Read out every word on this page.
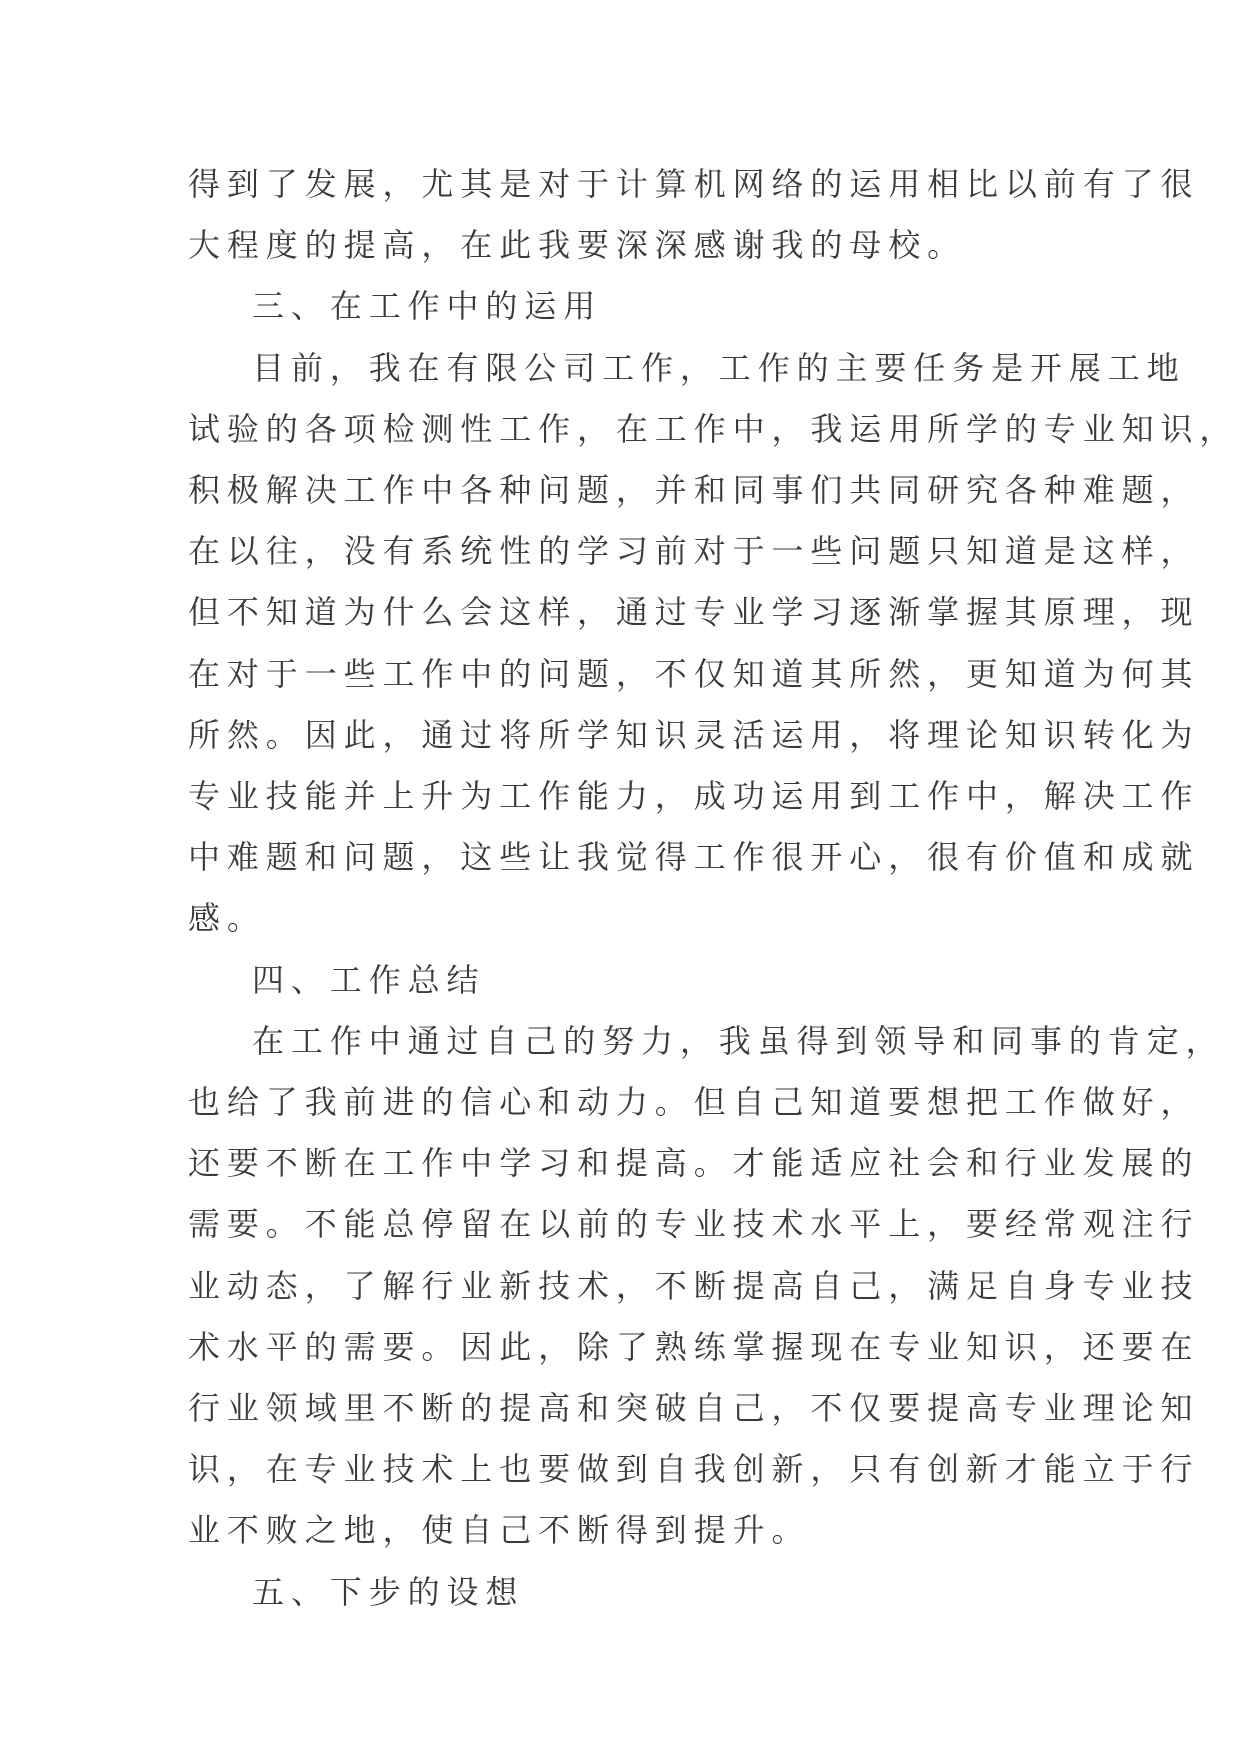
得到了发展，尤其是对于计算机网络的运用相比以前有了很

大程度的提高，在此我要深深感谢我的母校。

三、在工作中的运用

目前，我在有限公司工作，工作的主要任务是开展工地

试验的各项检测性工作，在工作中，我运用所学的专业知识，

积极解决工作中各种问题，并和同事们共同研究各种难题，

在以往，没有系统性的学习前对于一些问题只知道是这样，

但不知道为什么会这样，通过专业学习逐渐掌握其原理，现

在对于一些工作中的问题，不仅知道其所然，更知道为何其

所然。因此，通过将所学知识灵活运用，将理论知识转化为

专业技能并上升为工作能力，成功运用到工作中，解决工作

中难题和问题，这些让我觉得工作很开心，很有价值和成就

感。

四、工作总结

在工作中通过自己的努力，我虽得到领导和同事的肯定，

也给了我前进的信心和动力。但自己知道要想把工作做好，

还要不断在工作中学习和提高。才能适应社会和行业发展的

需要。不能总停留在以前的专业技术水平上，要经常观注行

业动态，了解行业新技术，不断提高自己，满足自身专业技

术水平的需要。因此，除了熟练掌握现在专业知识，还要在

行业领域里不断的提高和突破自己，不仅要提高专业理论知

识，在专业技术上也要做到自我创新，只有创新才能立于行

业不败之地，使自己不断得到提升。

五、下步的设想
